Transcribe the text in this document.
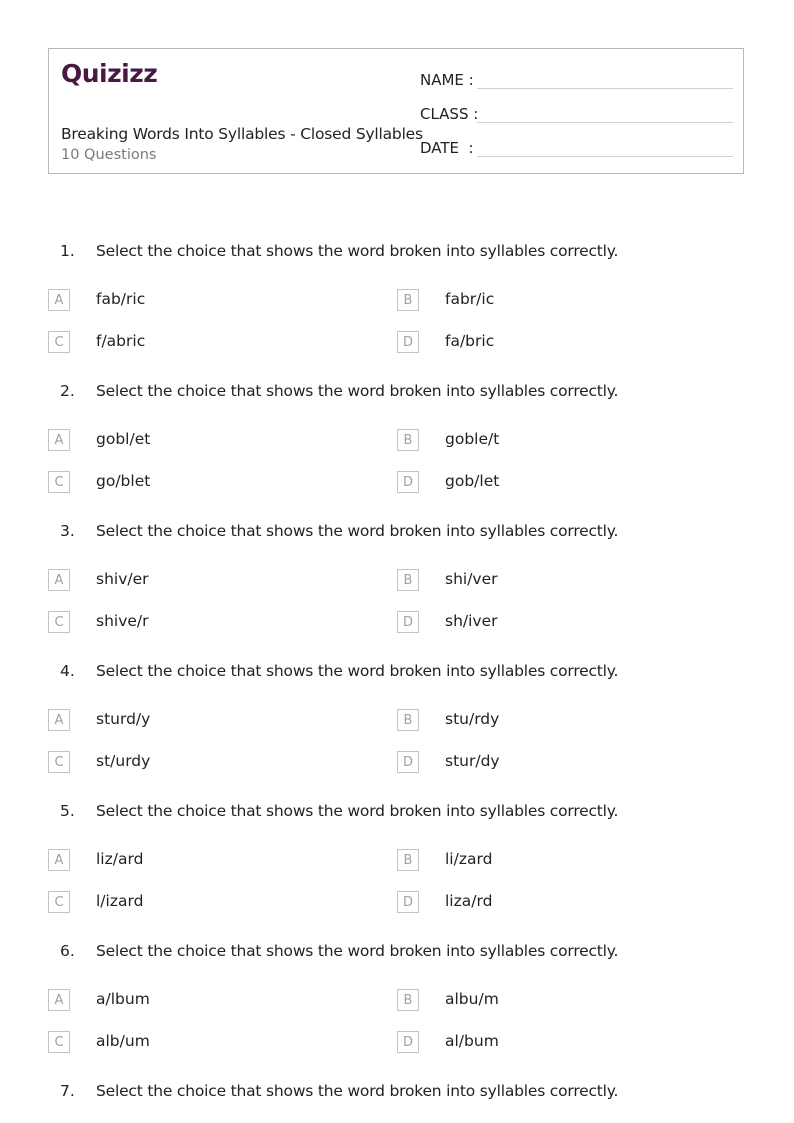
Quizizz
Breaking Words Into Syllables - Closed Syllables
10 Questions
NAME :
CLASS :
DATE  :
1. Select the choice that shows the word broken into syllables correctly.
A	fab/ric	B	fabr/ic
C	f/abric	D	fa/bric
2. Select the choice that shows the word broken into syllables correctly.
A	gobl/et	B	goble/t
C	go/blet	D	gob/let
3. Select the choice that shows the word broken into syllables correctly.
A	shiv/er	B	shi/ver
C	shive/r	D	sh/iver
4. Select the choice that shows the word broken into syllables correctly.
A	sturd/y	B	stu/rdy
C	st/urdy	D	stur/dy
5. Select the choice that shows the word broken into syllables correctly.
A	liz/ard	B	li/zard
C	l/izard	D	liza/rd
6. Select the choice that shows the word broken into syllables correctly.
A	a/lbum	B	albu/m
C	alb/um	D	al/bum
7. Select the choice that shows the word broken into syllables correctly.
